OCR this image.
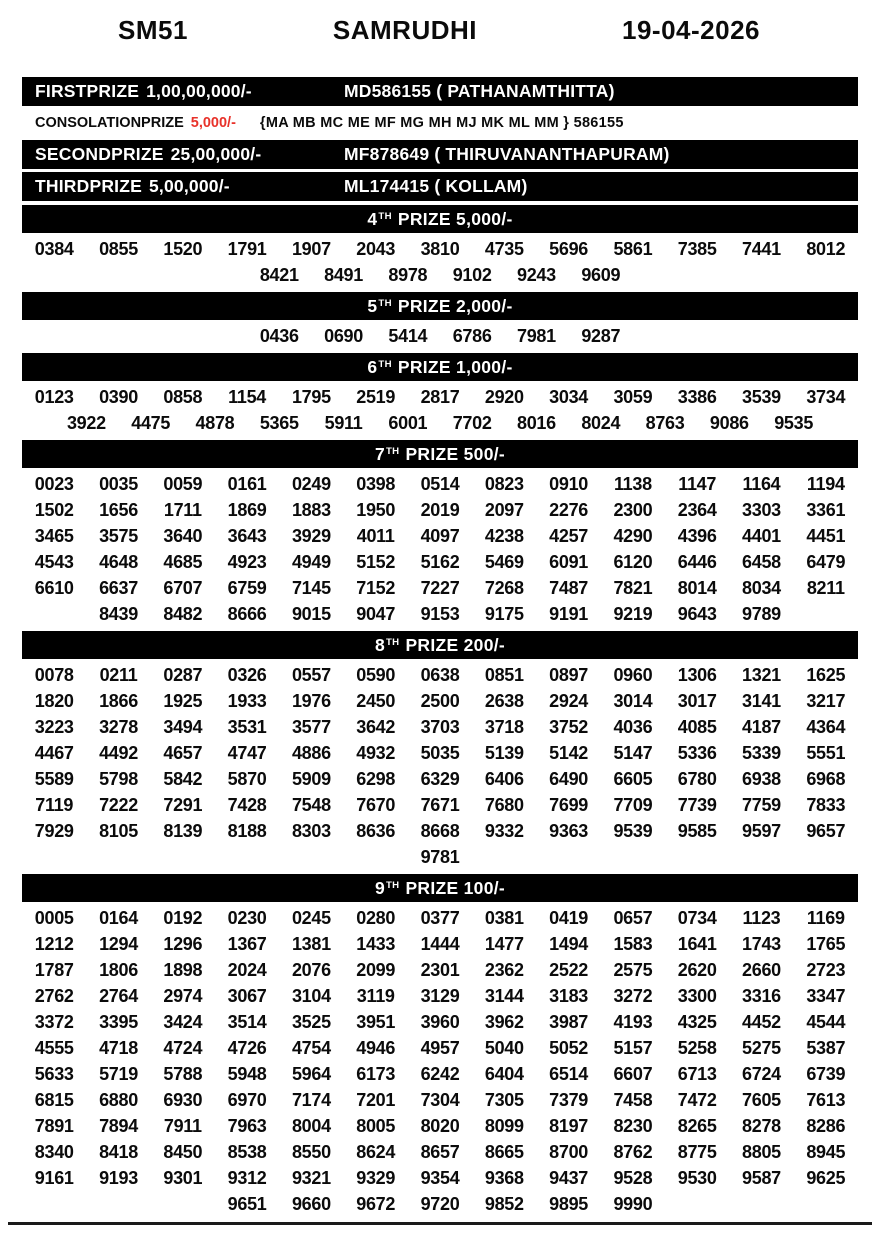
SM51	SAMRUDHI	19-04-2026
FIRSTPRIZE 1,00,00,000/-	MD586155 ( PATHANAMTHITTA)
CONSOLATIONPRIZE 5,000/- {MA MB MC ME MF MG MH MJ MK ML MM } 586155
SECONDPRIZE 25,00,000/-	MF878649 ( THIRUVANANTHAPURAM)
THIRDPRIZE 5,00,000/-	ML174415 ( KOLLAM)
4 TH PRIZE 5,000/-
0384	0855	1520	1791	1907	2043	3810	4735	5696	5861	7385	7441	8012
8421	8491	8978	9102	9243	9609
5 TH PRIZE 2,000/-
0436	0690	5414	6786	7981	9287
6 TH PRIZE 1,000/-
0123	0390	0858	1154	1795	2519	2817	2920	3034	3059	3386	3539	3734
3922	4475	4878	5365	5911	6001	7702	8016	8024	8763	9086	9535
7 TH PRIZE 500/-
0023	0035	0059	0161	0249	0398	0514	0823	0910	1138	1147	1164	1194
1502	1656	1711	1869	1883	1950	2019	2097	2276	2300	2364	3303	3361
3465	3575	3640	3643	3929	4011	4097	4238	4257	4290	4396	4401	4451
4543	4648	4685	4923	4949	5152	5162	5469	6091	6120	6446	6458	6479
6610	6637	6707	6759	7145	7152	7227	7268	7487	7821	8014	8034	8211
8439	8482	8666	9015	9047	9153	9175	9191	9219	9643	9789
8 TH PRIZE 200/-
0078	0211	0287	0326	0557	0590	0638	0851	0897	0960	1306	1321	1625
1820	1866	1925	1933	1976	2450	2500	2638	2924	3014	3017	3141	3217
3223	3278	3494	3531	3577	3642	3703	3718	3752	4036	4085	4187	4364
4467	4492	4657	4747	4886	4932	5035	5139	5142	5147	5336	5339	5551
5589	5798	5842	5870	5909	6298	6329	6406	6490	6605	6780	6938	6968
7119	7222	7291	7428	7548	7670	7671	7680	7699	7709	7739	7759	7833
7929	8105	8139	8188	8303	8636	8668	9332	9363	9539	9585	9597	9657
9781
9 TH PRIZE 100/-
0005	0164	0192	0230	0245	0280	0377	0381	0419	0657	0734	1123	1169
1212	1294	1296	1367	1381	1433	1444	1477	1494	1583	1641	1743	1765
1787	1806	1898	2024	2076	2099	2301	2362	2522	2575	2620	2660	2723
2762	2764	2974	3067	3104	3119	3129	3144	3183	3272	3300	3316	3347
3372	3395	3424	3514	3525	3951	3960	3962	3987	4193	4325	4452	4544
4555	4718	4724	4726	4754	4946	4957	5040	5052	5157	5258	5275	5387
5633	5719	5788	5948	5964	6173	6242	6404	6514	6607	6713	6724	6739
6815	6880	6930	6970	7174	7201	7304	7305	7379	7458	7472	7605	7613
7891	7894	7911	7963	8004	8005	8020	8099	8197	8230	8265	8278	8286
8340	8418	8450	8538	8550	8624	8657	8665	8700	8762	8775	8805	8945
9161	9193	9301	9312	9321	9329	9354	9368	9437	9528	9530	9587	9625
9651	9660	9672	9720	9852	9895	9990
